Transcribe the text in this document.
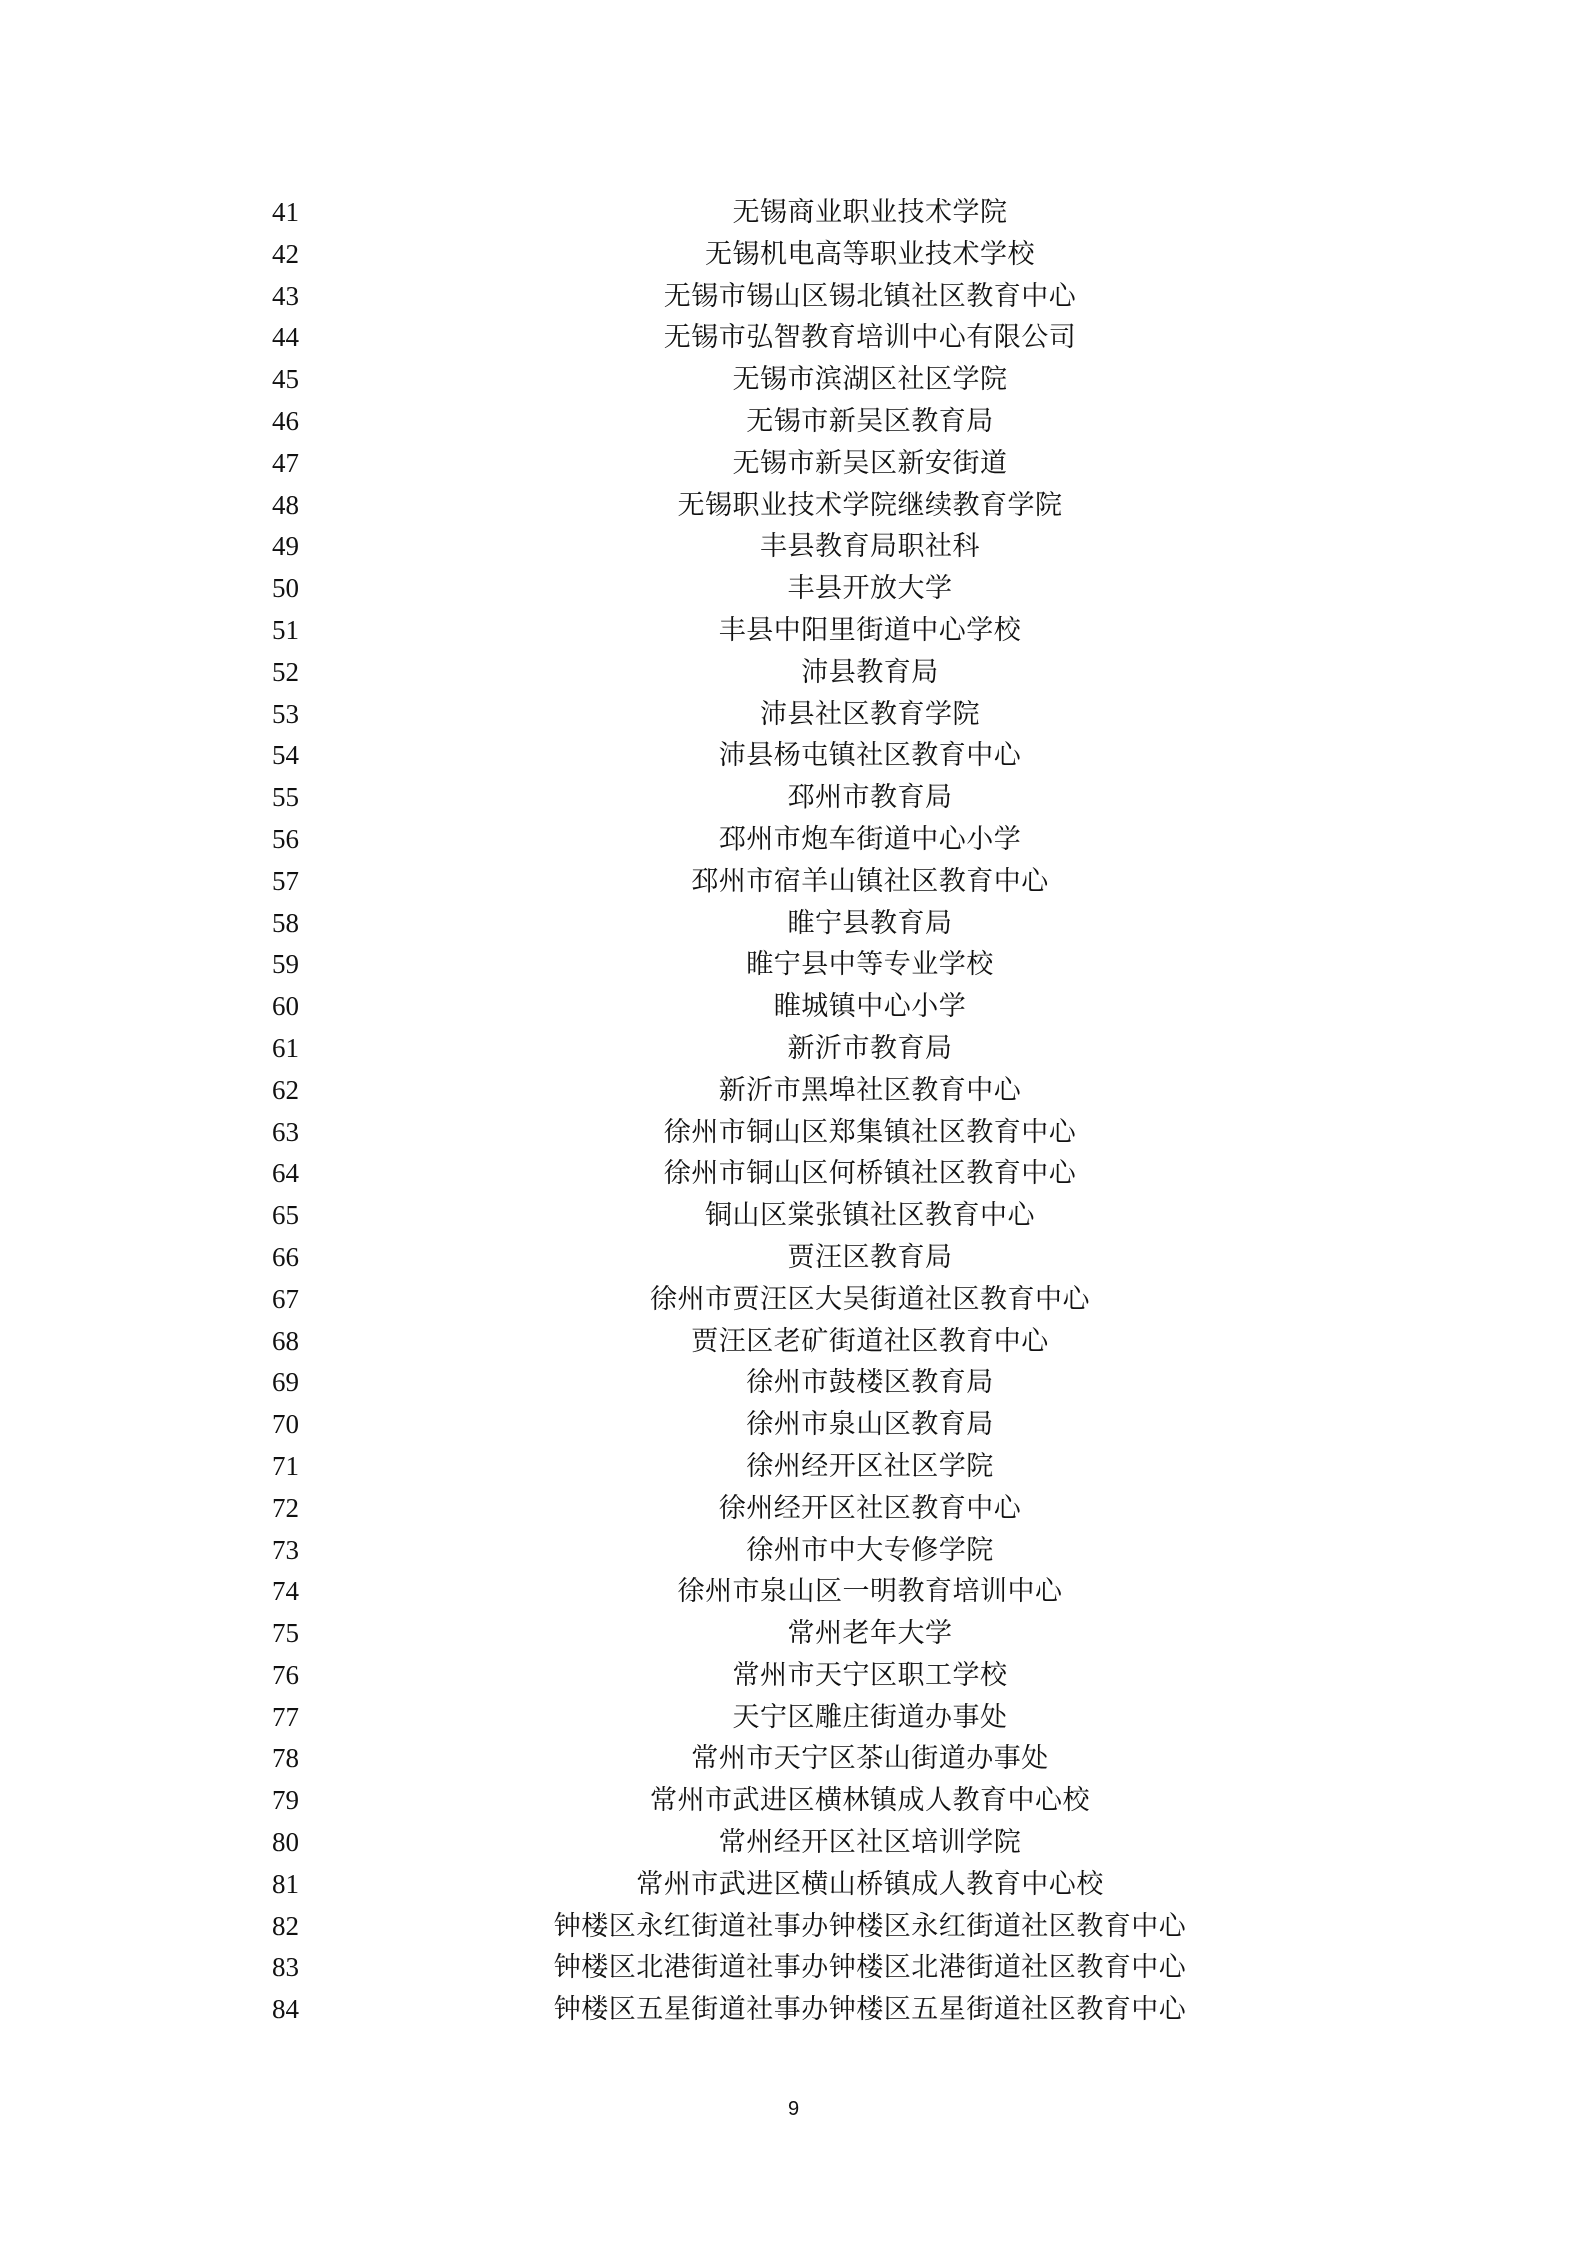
41	无锡商业职业技术学院
42	无锡机电高等职业技术学校
43	无锡市锡山区锡北镇社区教育中心
44	无锡市弘智教育培训中心有限公司
45	无锡市滨湖区社区学院
46	无锡市新吴区教育局
47	无锡市新吴区新安街道
48	无锡职业技术学院继续教育学院
49	丰县教育局职社科
50	丰县开放大学
51	丰县中阳里街道中心学校
52	沛县教育局
53	沛县社区教育学院
54	沛县杨屯镇社区教育中心
55	邳州市教育局
56	邳州市炮车街道中心小学
57	邳州市宿羊山镇社区教育中心
58	睢宁县教育局
59	睢宁县中等专业学校
60	睢城镇中心小学
61	新沂市教育局
62	新沂市黑埠社区教育中心
63	徐州市铜山区郑集镇社区教育中心
64	徐州市铜山区何桥镇社区教育中心
65	铜山区棠张镇社区教育中心
66	贾汪区教育局
67	徐州市贾汪区大吴街道社区教育中心
68	贾汪区老矿街道社区教育中心
69	徐州市鼓楼区教育局
70	徐州市泉山区教育局
71	徐州经开区社区学院
72	徐州经开区社区教育中心
73	徐州市中大专修学院
74	徐州市泉山区一明教育培训中心
75	常州老年大学
76	常州市天宁区职工学校
77	天宁区雕庄街道办事处
78	常州市天宁区茶山街道办事处
79	常州市武进区横林镇成人教育中心校
80	常州经开区社区培训学院
81	常州市武进区横山桥镇成人教育中心校
82	钟楼区永红街道社事办钟楼区永红街道社区教育中心
83	钟楼区北港街道社事办钟楼区北港街道社区教育中心
84	钟楼区五星街道社事办钟楼区五星街道社区教育中心
9
